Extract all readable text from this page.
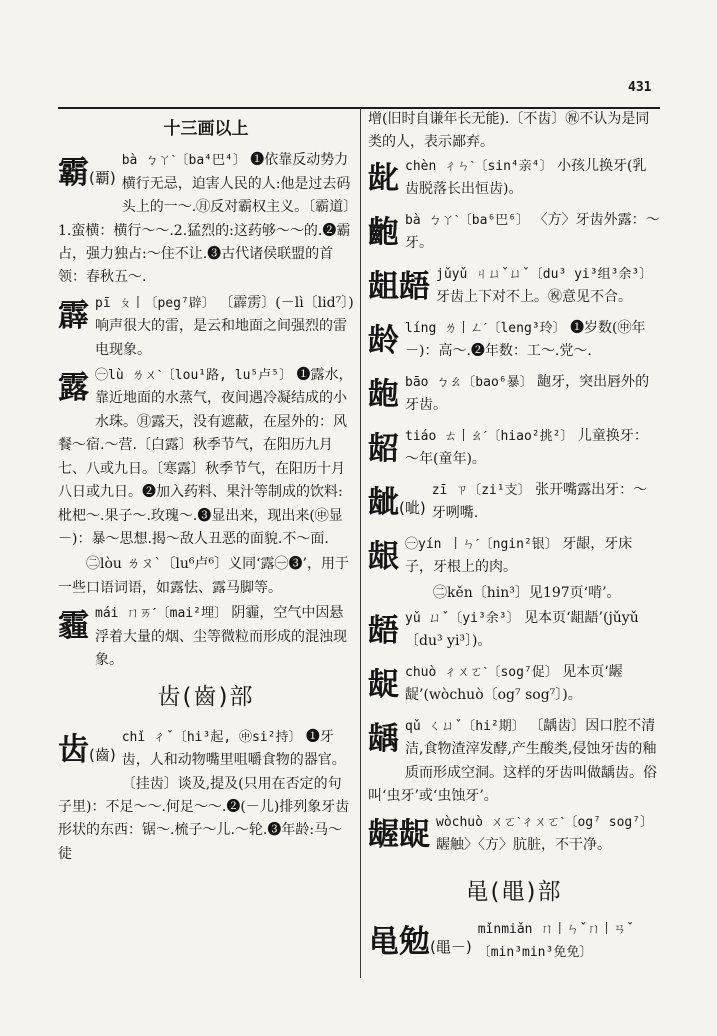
431
十三画以上
霸(覇)
bà ㄅㄚˋ〔ba⁴巴⁴〕 ❶依靠反动势力横行无忌，迫害人民的人:他是过去码头上的一～.㊊反对霸权主义。〔霸道〕1.蛮横：横行～～.2.猛烈的:这药够～～的.❷霸占，强力独占:～住不让.❸古代诸侯联盟的首领：春秋五～.
霹 pī ㄆ丨〔peg⁷辟〕 〔霹雳〕(－lì〔lid⁷〕)响声很大的雷，是云和地面之间强烈的雷电现象。
露 ㊀lù ㄌㄨˋ〔lou¹路, lu⁵卢⁵〕 ❶露水，靠近地面的水蒸气，夜间遇冷凝结成的小水珠。㊊露天，没有遮蔽，在屋外的：风餐～宿.～营.〔白露〕秋季节气，在阳历九月七、八或九日。〔寒露〕秋季节气，在阳历十月八日或九日。❷加入药料、果汁等制成的饮料:枇杷～.果子～.玫瑰～.❸显出来，现出来(㊥显－)：暴～思想.揭～敌人丑恶的面貌.不～面.
㊁lòu ㄌㄡˋ〔lu⁶卢⁶〕义同‘露㊀❸’，用于一些口语词语，如露怯、露马脚等。
霾 mái ㄇㄞˊ〔mai²埋〕 阴霾，空气中因悬浮着大量的烟、尘等微粒而形成的混浊现象。
齿(齒)部
齿(齒)
chǐ ㄔˇ〔hi³起, ㊥si²持〕 ❶牙齿，人和动物嘴里咀嚼食物的器官。〔挂齿〕谈及,提及(只用在否定的句子里)：不足～～.何足～～.❷(－儿)排列象牙齿形状的东西：锯～.梳子～儿.～轮.❸年龄:马～徒
增(旧时自谦年长无能).〔不齿〕㊗不认为是同类的人，表示鄙弃。
龀 chèn ㄔㄣˋ〔sin⁴亲⁴〕 小孩儿换牙(乳齿脱落长出恒齿)。
齙 bà ㄅㄚˋ〔ba⁶巴⁶〕 〈方〉牙齿外露：～牙。
龃龉 jǔyǔ ㄐㄩˇㄩˇ〔du³ yi³组³余³〕 牙齿上下对不上。㊗意见不合。
龄 líng ㄌ丨ㄥˊ〔leng³玲〕 ❶岁数(㊥年－)：高～.❷年数：工～.党～.
龅 bāo ㄅㄠ〔bao⁶暴〕 龅牙，突出唇外的牙齿。
龆 tiáo ㄊ丨ㄠˊ〔hiao²挑²〕 儿童换牙：～年(童年)。
龇(呲)
zī ㄗ〔zi¹支〕 张开嘴露出牙：～牙咧嘴.
龈 ㊀yín 丨ㄣˊ〔ngin²银〕 牙龈，牙床子，牙根上的肉。
㊁kěn〔hin³〕见197页‘啃’。
龉 yǔ ㄩˇ〔yi³余³〕 见本页‘龃龉’(jǔyǔ〔du³ yi³〕)。
龊 chuò ㄔㄨㄛˋ〔sog⁷促〕 见本页‘龌龊’(wòchuò〔og⁷ sog⁷〕)。
龋 qǔ ㄑㄩˇ〔hi²期〕 〔龋齿〕因口腔不清洁,食物渣滓发酵,产生酸类,侵蚀牙齿的釉质而形成空洞。这样的牙齿叫做龋齿。俗叫‘虫牙’或‘虫蚀牙’。
龌龊 wòchuò ㄨㄛˋㄔㄨㄛˋ〔og⁷ sog⁷〕 龌触〉〈方〉肮脏，不干净。
黾(黽)部
黾勉(黽－)
mǐnmiǎn ㄇ丨ㄣˇㄇ丨ㄢˇ〔min³min³免免〕
